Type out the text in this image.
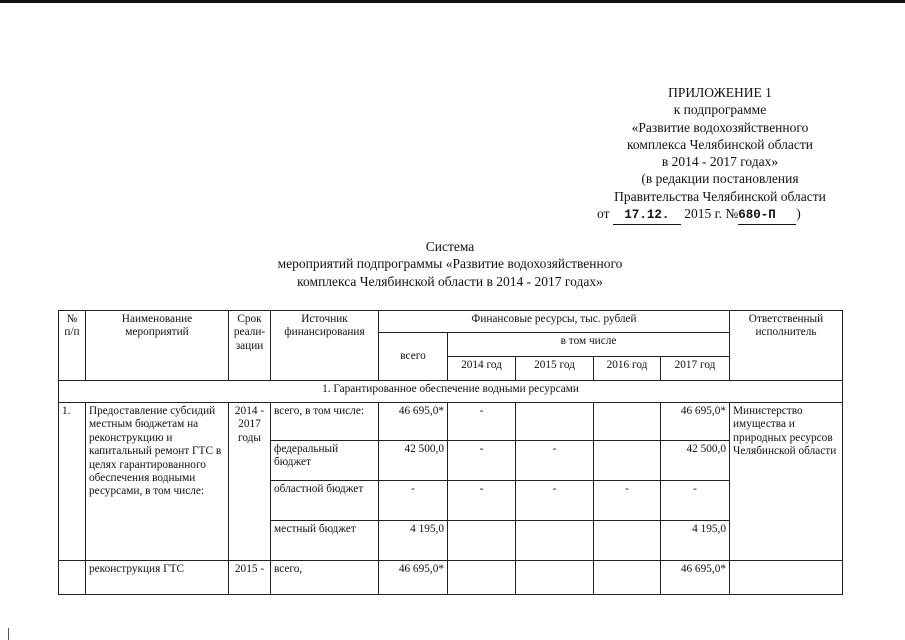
ПРИЛОЖЕНИЕ 1
к подпрограмме
«Развитие водохозяйственного
комплекса Челябинской области
в 2014 - 2017 годах»
(в редакции постановления
Правительства Челябинской области
от 17.12. 2015 г. №680-П )
Система
мероприятий подпрограммы «Развитие водохозяйственного
комплекса Челябинской области в 2014 - 2017 годах»
№ п/п	Наименование мероприятий	Срок реали-зации	Источник финансирования	Финансовые ресурсы, тыс. рублей					Ответственный исполнитель
				всего	в том числе				
					2014 год	2015 год	2016 год	2017 год	
1. Гарантированное обеспечение водными ресурсами									
1.	Предоставление субсидий местным бюджетам на реконструкцию и капитальный ремонт ГТС в целях гарантированного обеспечения водными ресурсами, в том числе:	2014 - 2017 годы	всего, в том числе:	46 695,0*	-			46 695,0*	Министерство имущества и природных ресурсов Челябинской области
			федеральный бюджет	42 500,0	-	-		42 500,0	
			областной бюджет	-	-	-	-	-	
			местный бюджет	4 195,0				4 195,0	
	реконструкция ГТС	2015 -	всего,	46 695,0*				46 695,0*	
